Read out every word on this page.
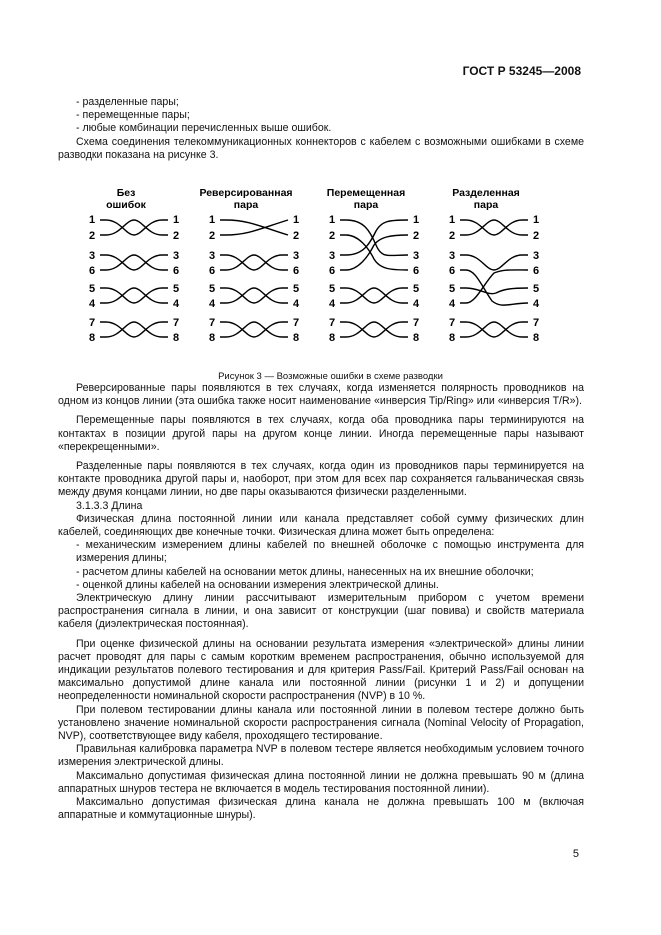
ГОСТ Р 53245—2008

- разделенные пары;

- перемещенные пары;

- любые комбинации перечисленных выше ошибок.

Схема соединения телекоммуникационных коннекторов с кабелем с возможными ошибками в схеме разводки показана на рисунке 3.

Без
ошибок
1
2
3
6
5
4
7
8
1
2
3
6
5
4
7
8
Реверсированная
пара
1
2
3
6
5
4
7
8
1
2
3
6
5
4
7
8
Перемещенная
пара
1
2
3
6
5
4
7
8
1
2
3
6
5
4
7
8
Разделенная
пара
1
2
3
6
5
4
7
8
1
2
3
6
5
4
7
8
Рисунок 3 — Возможные ошибки в схеме разводки

Реверсированные пары появляются в тех случаях, когда изменяется полярность проводников на одном из концов линии (эта ошибка также носит наименование «инверсия Tip/Ring» или «инверсия T/R»).

Перемещенные пары появляются в тех случаях, когда оба проводника пары терминируются на контактах в позиции другой пары на другом конце линии. Иногда перемещенные пары называют «перекрещенными».

Разделенные пары появляются в тех случаях, когда один из проводников пары терминируется на контакте проводника другой пары и, наоборот, при этом для всех пар сохраняется гальваническая связь между двумя концами линии, но две пары оказываются физически разделенными.

3.1.3.3 Длина

Физическая длина постоянной линии или канала представляет собой сумму физических длин кабелей, соединяющих две конечные точки. Физическая длина может быть определена:

- механическим измерением длины кабелей по внешней оболочке с помощью инструмента для измерения длины;

- расчетом длины кабелей на основании меток длины, нанесенных на их внешние оболочки;

- оценкой длины кабелей на основании измерения электрической длины.

Электрическую длину линии рассчитывают измерительным прибором с учетом времени распространения сигнала в линии, и она зависит от конструкции (шаг повива) и свойств материала кабеля (диэлектрическая постоянная).

При оценке физической длины на основании результата измерения «электрической» длины линии расчет проводят для пары с самым коротким временем распространения, обычно используемой для индикации результатов полевого тестирования и для критерия Pass/Fail. Критерий Pass/Fail основан на максимально допустимой длине канала или постоянной линии (рисунки 1 и 2) и допущении неопределенности номинальной скорости распространения (NVP) в 10 %.

При полевом тестировании длины канала или постоянной линии в полевом тестере должно быть установлено значение номинальной скорости распространения сигнала (Nominal Velocity of Propagation, NVP), соответствующее виду кабеля, проходящего тестирование.

Правильная калибровка параметра NVP в полевом тестере является необходимым условием точного измерения электрической длины.

Максимально допустимая физическая длина постоянной линии не должна превышать 90 м (длина аппаратных шнуров тестера не включается в модель тестирования постоянной линии).

Максимально допустимая физическая длина канала не должна превышать 100 м (включая аппаратные и коммутационные шнуры).

5
